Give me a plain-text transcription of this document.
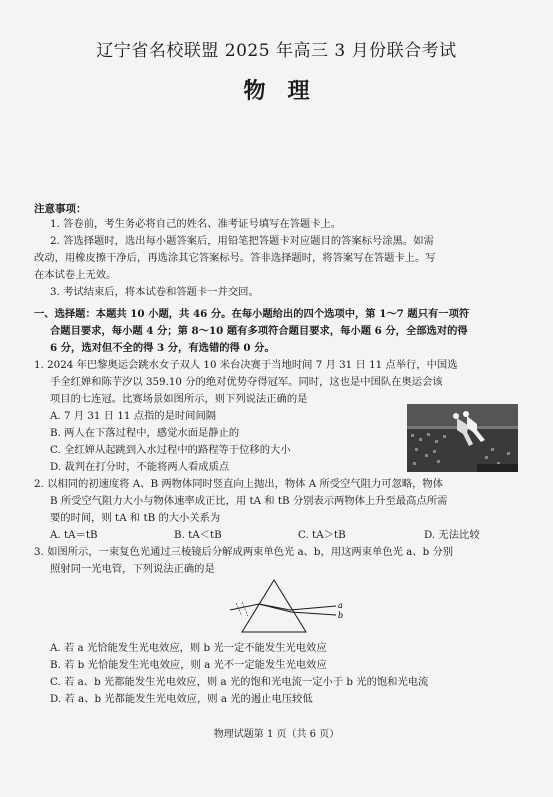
辽宁省名校联盟 2025 年高三 3 月份联合考试
物理
注意事项：
1. 答卷前，考生务必将自己的姓名、准考证号填写在答题卡上。
2. 答选择题时，选出每小题答案后，用铅笔把答题卡对应题目的答案标号涂黑。如需
改动，用橡皮擦干净后，再选涂其它答案标号。答非选择题时，将答案写在答题卡上。写
在本试卷上无效。
3. 考试结束后，将本试卷和答题卡一并交回。
一、选择题：本题共 10 小题，共 46 分。在每小题给出的四个选项中，第 1～7 题只有一项符
合题目要求，每小题 4 分；第 8～10 题有多项符合题目要求，每小题 6 分，全部选对的得
6 分，选对但不全的得 3 分，有选错的得 0 分。
1. 2024 年巴黎奥运会跳水女子双人 10 米台决赛于当地时间 7 月 31 日 11 点举行，中国选
手全红婵和陈芋汐以 359.10 分的绝对优势夺得冠军。同时，这也是中国队在奥运会该
项目的七连冠。比赛场景如图所示，则下列说法正确的是
A. 7 月 31 日 11 点指的是时间间隔
B. 两人在下落过程中，感觉水面是静止的
C. 全红婵从起跳到入水过程中的路程等于位移的大小
D. 裁判在打分时，不能将两人看成质点
2. 以相同的初速度将 A、B 两物体同时竖直向上抛出，物体 A 所受空气阻力可忽略，物体
B 所受空气阻力大小与物体速率成正比，用 tA 和 tB 分别表示两物体上升至最高点所需
要的时间，则 tA 和 tB 的大小关系为
A. tA＝tB	B. tA＜tB	C. tA＞tB	D. 无法比较
3. 如图所示，一束复色光通过三棱镜后分解成两束单色光 a、b，用这两束单色光 a、b 分别
照射同一光电管，下列说法正确的是
a
b
A. 若 a 光恰能发生光电效应，则 b 光一定不能发生光电效应
B. 若 b 光恰能发生光电效应，则 a 光不一定能发生光电效应
C. 若 a、b 光都能发生光电效应，则 a 光的饱和光电流一定小于 b 光的饱和光电流
D. 若 a、b 光都能发生光电效应，则 a 光的遏止电压较低
物理试题第 1 页（共 6 页）
